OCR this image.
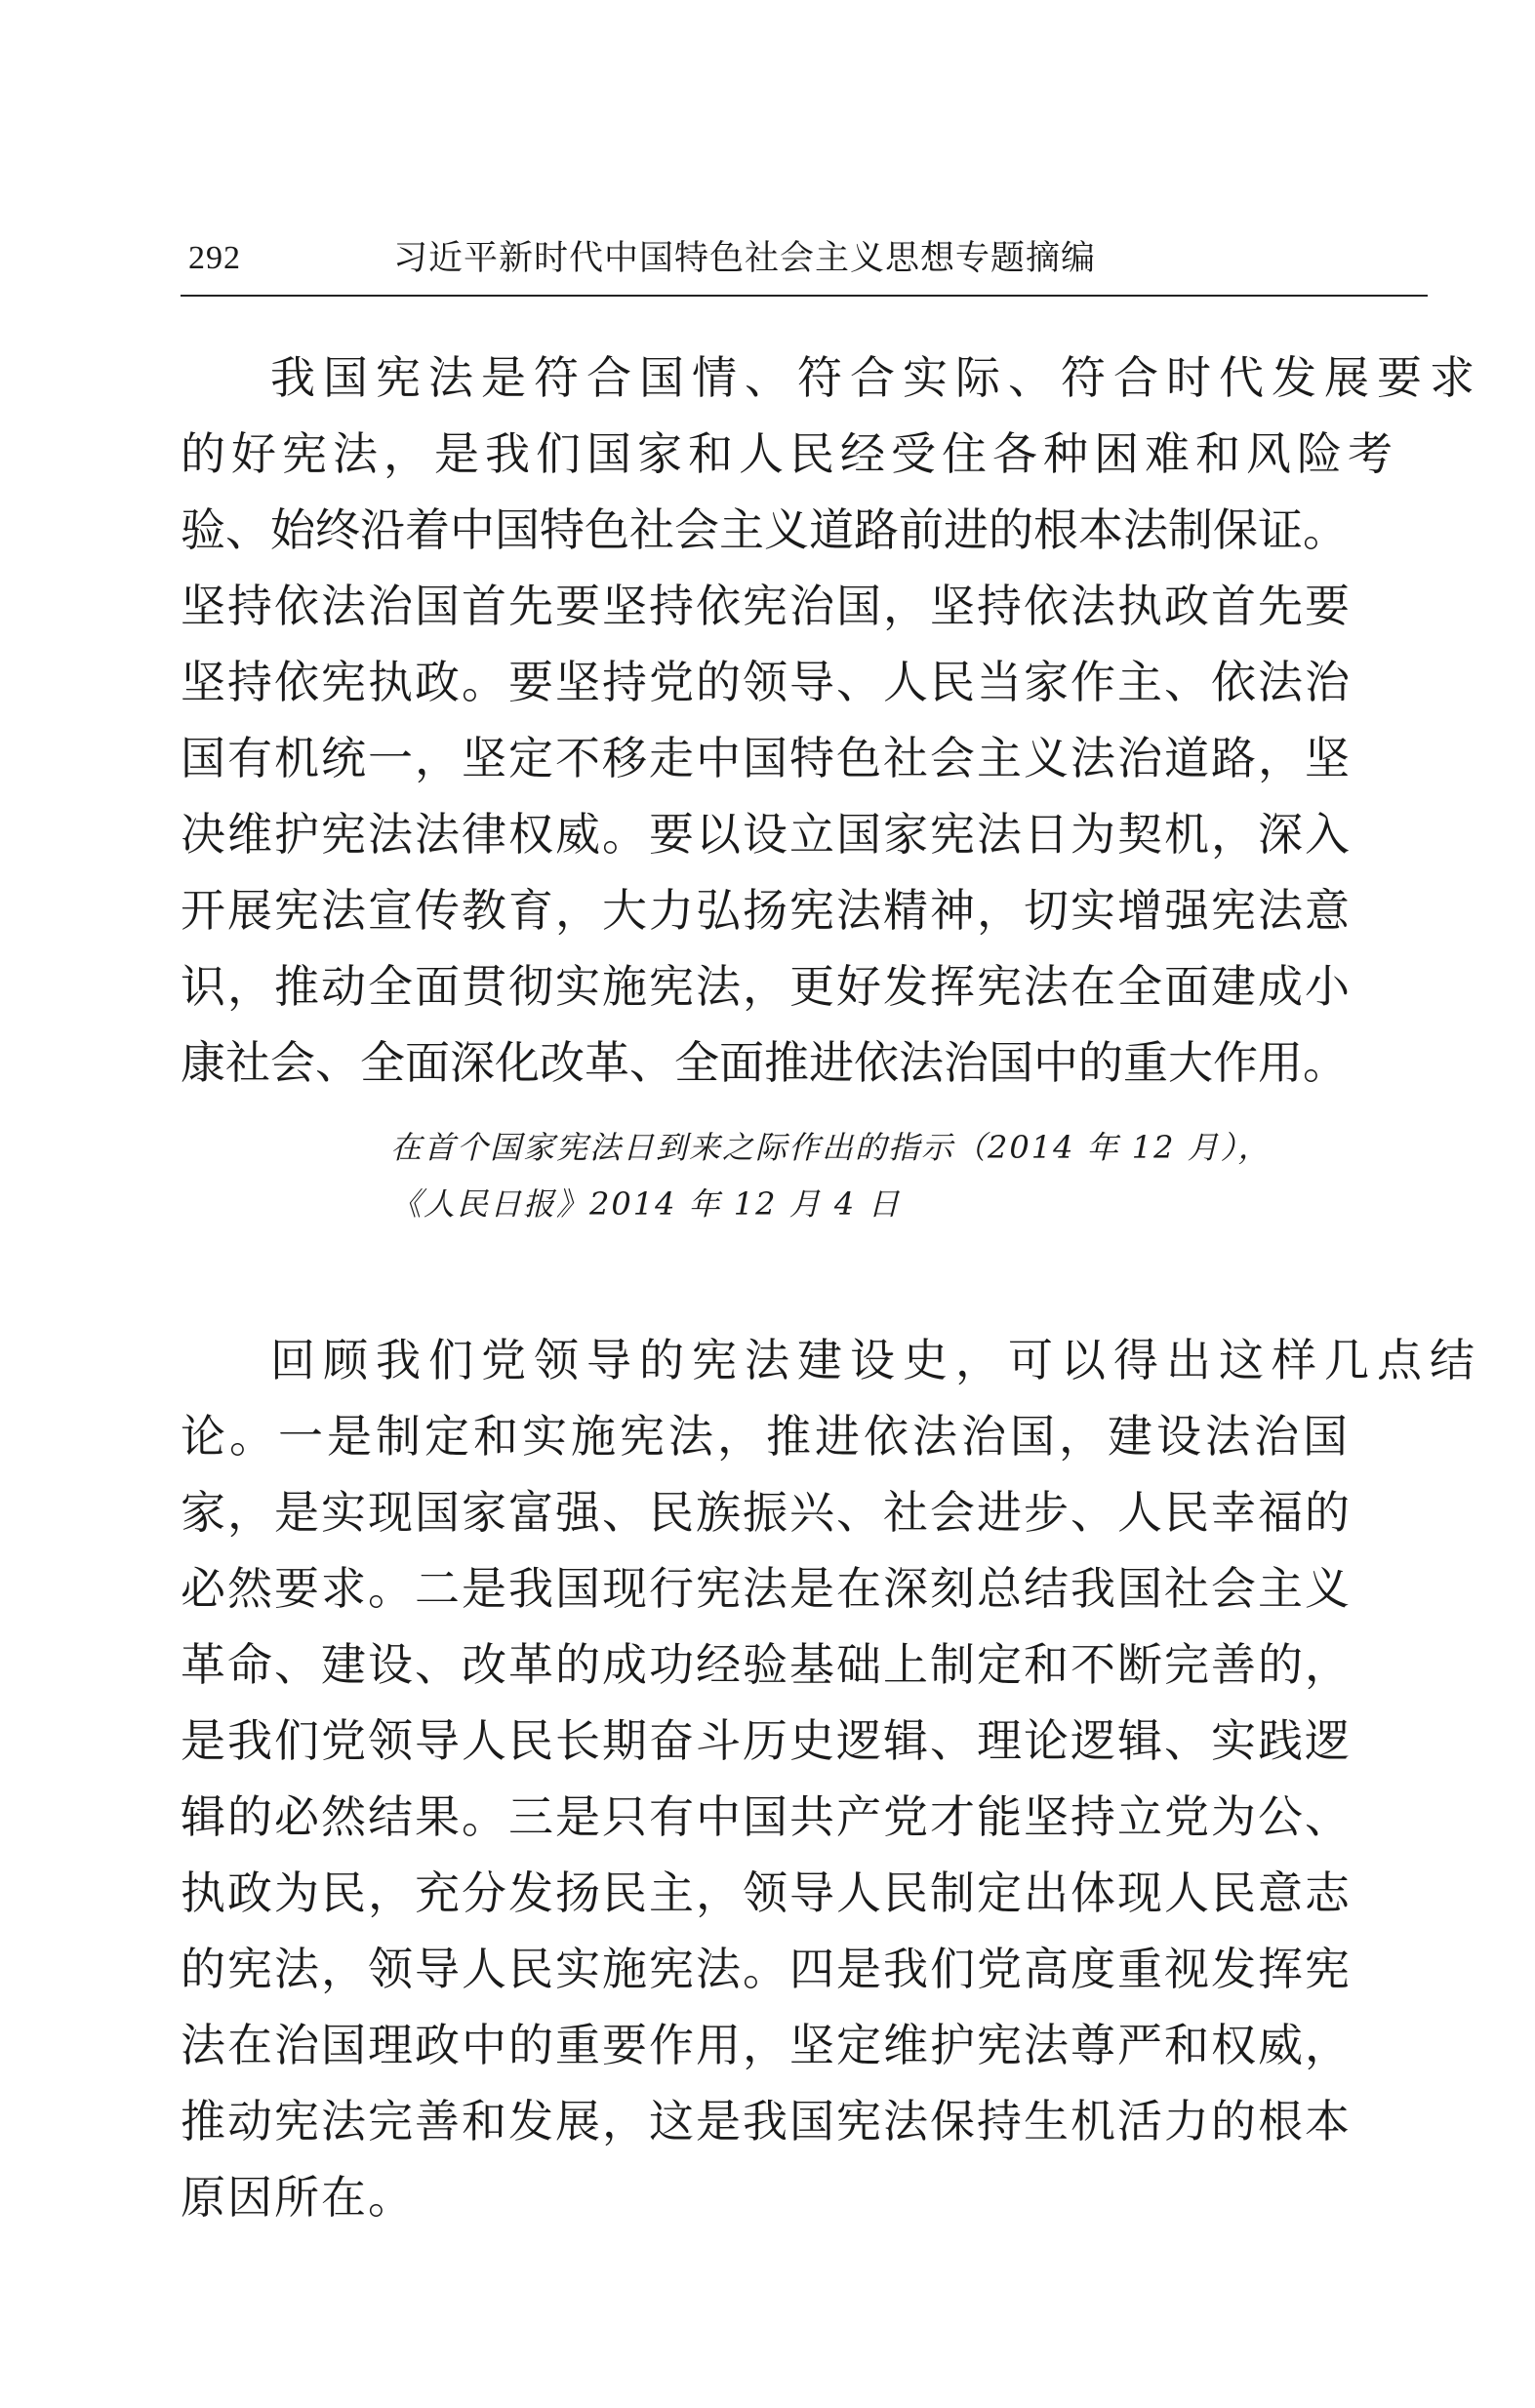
292	习近平新时代中国特色社会主义思想专题摘编
我国宪法是符合国情、符合实际、符合时代发展要求
的好宪法，是我们国家和人民经受住各种困难和风险考
验、始终沿着中国特色社会主义道路前进的根本法制保证。
坚持依法治国首先要坚持依宪治国，坚持依法执政首先要
坚持依宪执政。要坚持党的领导、人民当家作主、依法治
国有机统一，坚定不移走中国特色社会主义法治道路，坚
决维护宪法法律权威。要以设立国家宪法日为契机，深入
开展宪法宣传教育，大力弘扬宪法精神，切实增强宪法意
识，推动全面贯彻实施宪法，更好发挥宪法在全面建成小
康社会、全面深化改革、全面推进依法治国中的重大作用。
在首个国家宪法日到来之际作出的指示（2014 年 12 月），
《人民日报》2014 年 12 月 4 日
回顾我们党领导的宪法建设史，可以得出这样几点结
论。一是制定和实施宪法，推进依法治国，建设法治国
家，是实现国家富强、民族振兴、社会进步、人民幸福的
必然要求。二是我国现行宪法是在深刻总结我国社会主义
革命、建设、改革的成功经验基础上制定和不断完善的，
是我们党领导人民长期奋斗历史逻辑、理论逻辑、实践逻
辑的必然结果。三是只有中国共产党才能坚持立党为公、
执政为民，充分发扬民主，领导人民制定出体现人民意志
的宪法，领导人民实施宪法。四是我们党高度重视发挥宪
法在治国理政中的重要作用，坚定维护宪法尊严和权威，
推动宪法完善和发展，这是我国宪法保持生机活力的根本
原因所在。
